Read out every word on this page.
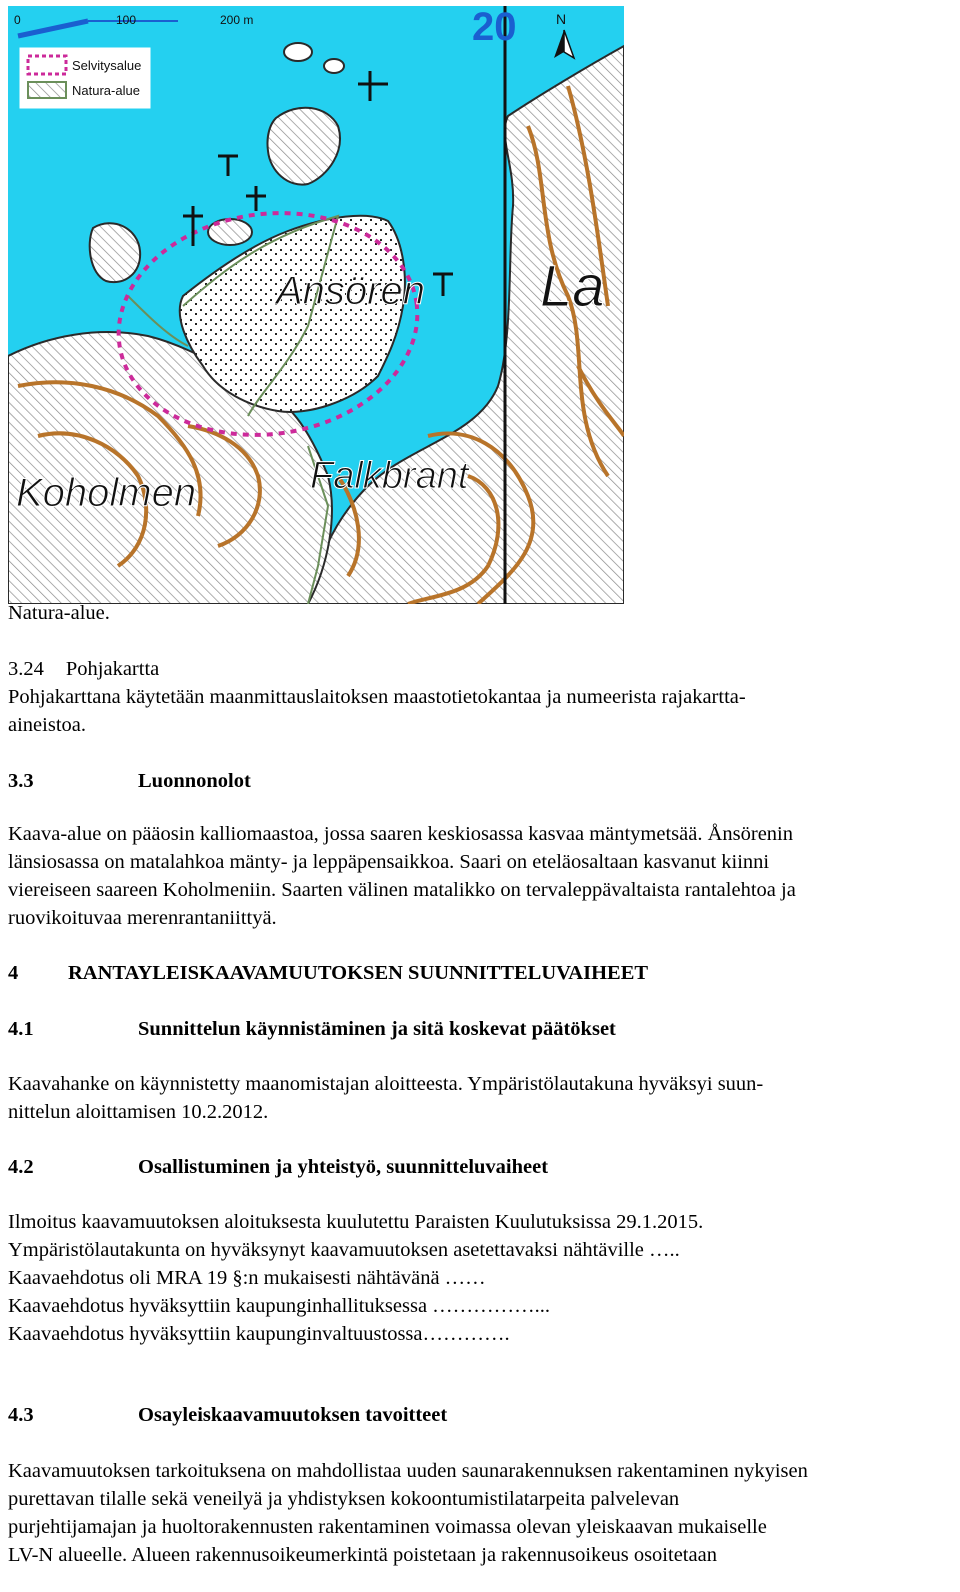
0	100	200 m	20	N
Selvitysalue
Natura-alue
Ansören
Koholmen	Falkbrant
La
Natura-alue.
3.24 Pohjakartta
Pohjakarttana käytetään maanmittauslaitoksen maastotietokantaa ja numeerista rajakartta-
aineistoa.
3.3	Luonnonolot
Kaava-alue on pääosin kalliomaastoa, jossa saaren keskiosassa kasvaa mäntymetsää. Ånsörenin
länsiosassa on matalahkoa mänty- ja leppäpensaikkoa. Saari on eteläosaltaan kasvanut kiinni
viereiseen saareen Koholmeniin. Saarten välinen matalikko on tervaleppävaltaista rantalehtoa ja
ruovikoituvaa merenrantaniittyä.
4 RANTAYLEISKAAVAMUUTOKSEN SUUNNITTELUVAIHEET
4.1	Sunnittelun käynnistäminen ja sitä koskevat päätökset
Kaavahanke on käynnistetty maanomistajan aloitteesta. Ympäristölautakuna hyväksyi suun-
nittelun aloittamisen 10.2.2012.
4.2	Osallistuminen ja yhteistyö, suunnitteluvaiheet
Ilmoitus kaavamuutoksen aloituksesta kuulutettu Paraisten Kuulutuksissa 29.1.2015.
Ympäristölautakunta on hyväksynyt kaavamuutoksen asetettavaksi nähtäville …..
Kaavaehdotus oli MRA 19 §:n mukaisesti nähtävänä ……
Kaavaehdotus hyväksyttiin kaupunginhallituksessa ……………...
Kaavaehdotus hyväksyttiin kaupunginvaltuustossa………….
4.3	Osayleiskaavamuutoksen tavoitteet
Kaavamuutoksen tarkoituksena on mahdollistaa uuden saunarakennuksen rakentaminen nykyisen
purettavan tilalle sekä veneilyä ja yhdistyksen kokoontumistilatarpeita palvelevan
purjehtijamajan ja huoltorakennusten rakentaminen voimassa olevan yleiskaavan mukaiselle
LV-N alueelle. Alueen rakennusoikeumerkintä poistetaan ja rakennusoikeus osoitetaan
